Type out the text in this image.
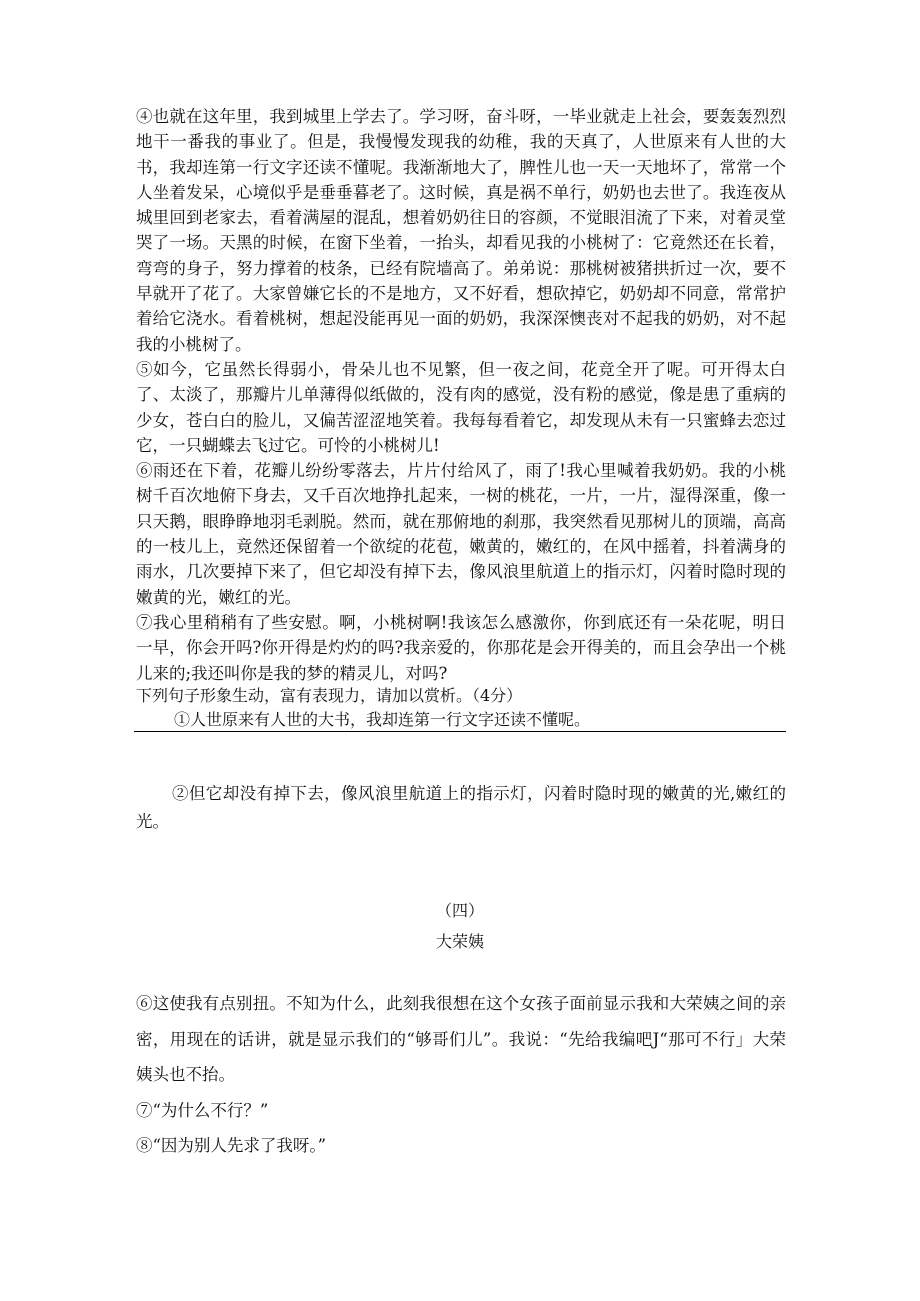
④也就在这年里，我到城里上学去了。学习呀，奋斗呀，一毕业就走上社会，要轰轰烈烈地干一番我的事业了。但是，我慢慢发现我的幼稚，我的天真了，人世原来有人世的大书，我却连第一行文字还读不懂呢。我渐渐地大了，脾性儿也一天一天地坏了，常常一个人坐着发呆，心境似乎是垂垂暮老了。这时候，真是祸不单行，奶奶也去世了。我连夜从城里回到老家去，看着满屋的混乱，想着奶奶往日的容颜，不觉眼泪流了下来，对着灵堂哭了一场。天黑的时候，在窗下坐着，一抬头，却看见我的小桃树了：它竟然还在长着，弯弯的身子，努力撑着的枝条，已经有院墙高了。弟弟说：那桃树被猪拱折过一次，要不早就开了花了。大家曾嫌它长的不是地方，又不好看，想砍掉它，奶奶却不同意，常常护着给它浇水。看着桃树，想起没能再见一面的奶奶，我深深懊丧对不起我的奶奶，对不起我的小桃树了。

⑤如今，它虽然长得弱小，骨朵儿也不见繁，但一夜之间，花竞全开了呢。可开得太白了、太淡了，那瓣片儿单薄得似纸做的，没有肉的感觉，没有粉的感觉，像是患了重病的少女，苍白白的脸儿，又偏苦涩涩地笑着。我每每看着它，却发现从未有一只蜜蜂去恋过它，一只蝴蝶去飞过它。可怜的小桃树儿!

⑥雨还在下着，花瓣儿纷纷零落去，片片付给风了，雨了!我心里喊着我奶奶。我的小桃树千百次地俯下身去，又千百次地挣扎起来，一树的桃花，一片，一片，湿得深重，像一只天鹅，眼睁睁地羽毛剥脱。然而，就在那俯地的刹那，我突然看见那树儿的顶端，高高的一枝儿上，竟然还保留着一个欲绽的花苞，嫩黄的，嫩红的，在风中摇着，抖着满身的雨水，几次要掉下来了，但它却没有掉下去，像风浪里航道上的指示灯，闪着时隐时现的嫩黄的光，嫩红的光。

⑦我心里稍稍有了些安慰。啊，小桃树啊!我该怎么感激你，你到底还有一朵花呢，明日一早，你会开吗?你开得是灼灼的吗?我亲爱的，你那花是会开得美的，而且会孕出一个桃儿来的;我还叫你是我的梦的精灵儿，对吗?

下列句子形象生动，富有表现力，请加以赏析。（4分）

①人世原来有人世的大书，我却连第一行文字还读不懂呢。

②但它却没有掉下去，像风浪里航道上的指示灯，闪着时隐时现的嫩黄的光,嫩红的光。

（四）
大荣姨

⑥这使我有点别扭。不知为什么，此刻我很想在这个女孩子面前显示我和大荣姨之间的亲密，用现在的话讲，就是显示我们的“够哥们儿”。我说：“先给我编吧J“那可不行」大荣姨头也不抬。

⑦“为什么不行？”

⑧“因为别人先求了我呀。”
